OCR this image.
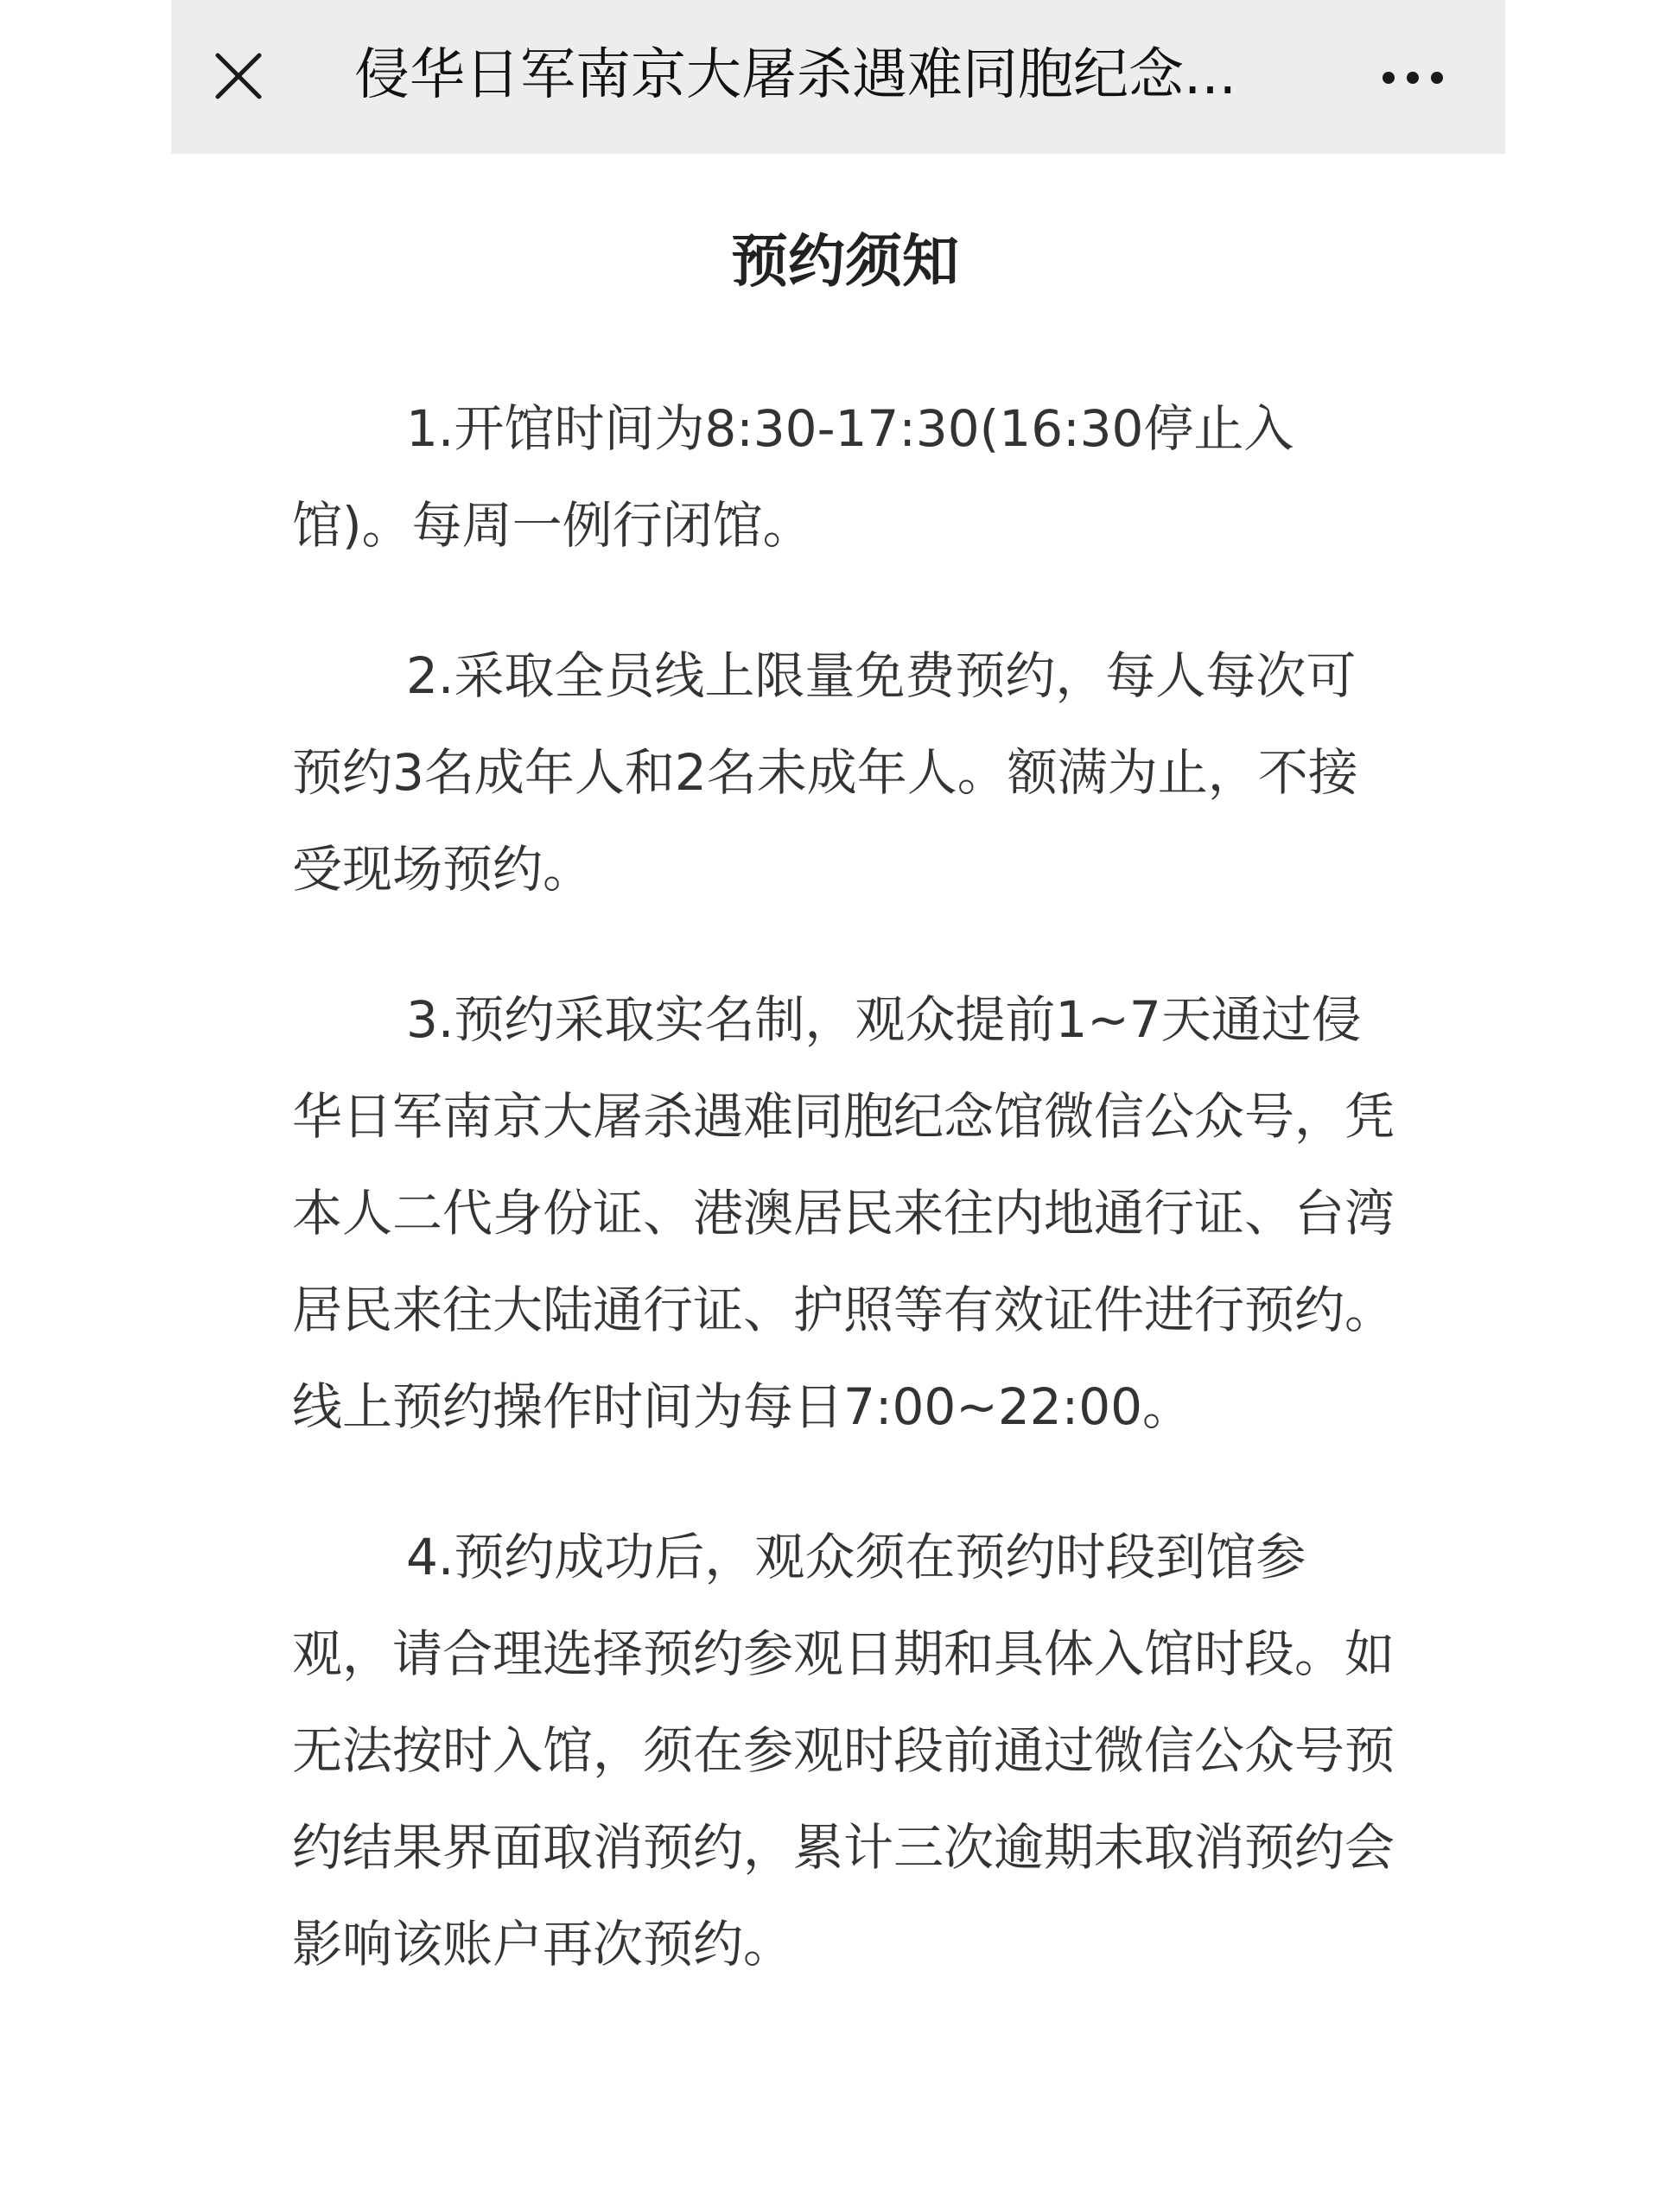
侵华日军南京大屠杀遇难同胞纪念...
预约须知

1.开馆时间为8:30-17:30(16:30停止入馆)。每周一例行闭馆。

2.采取全员线上限量免费预约，每人每次可预约3名成年人和2名未成年人。额满为止，不接受现场预约。

3.预约采取实名制，观众提前1~7天通过侵华日军南京大屠杀遇难同胞纪念馆微信公众号，凭本人二代身份证、港澳居民来往内地通行证、台湾居民来往大陆通行证、护照等有效证件进行预约。线上预约操作时间为每日7:00~22:00。

4.预约成功后，观众须在预约时段到馆参观，请合理选择预约参观日期和具体入馆时段。如无法按时入馆，须在参观时段前通过微信公众号预约结果界面取消预约，累计三次逾期未取消预约会影响该账户再次预约。
